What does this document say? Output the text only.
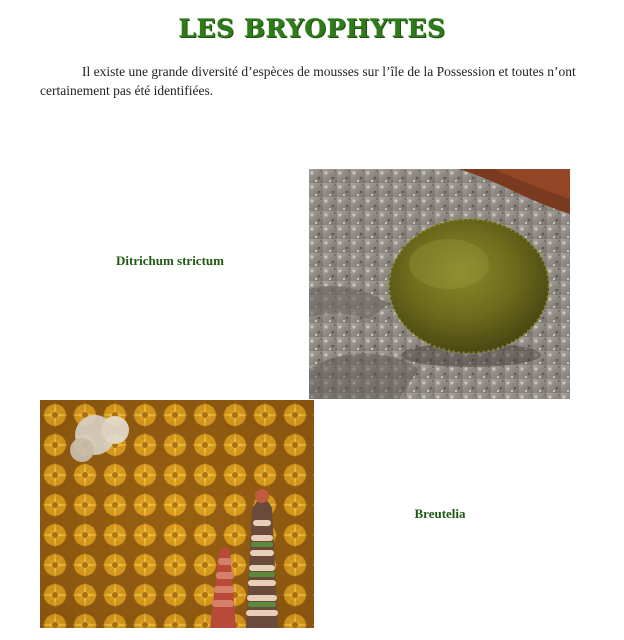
LES BRYOPHYTES

Il existe une grande diversité d’espèces de mousses sur l’île de la Possession et toutes n’ont certainement pas été identifiées.

Ditrichum strictum
Breutelia
